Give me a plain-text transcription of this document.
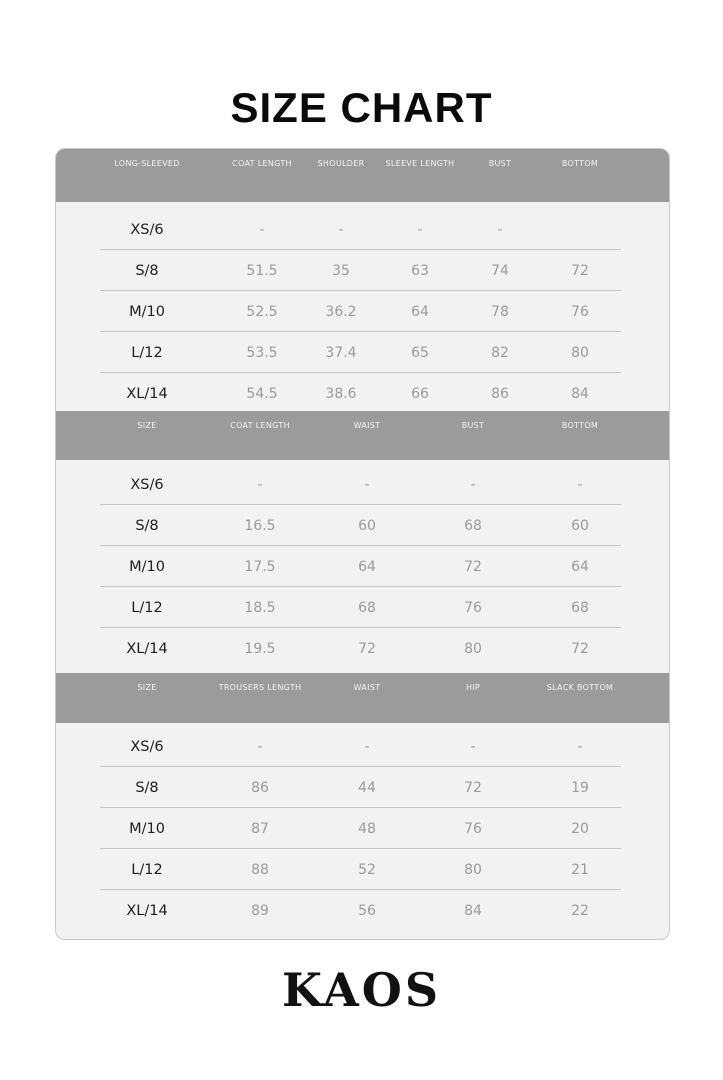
SIZE CHART
LONG-SLEEVED	COAT LENGTH	SHOULDER	SLEEVE LENGTH	BUST	BOTTOM
XS/6	-	-	-	-
S/8	51.5	35	63	74	72
M/10	52.5	36.2	64	78	76
L/12	53.5	37.4	65	82	80
XL/14	54.5	38.6	66	86	84
SIZE	COAT LENGTH	WAIST	BUST	BOTTOM
XS/6	-	-	-	-
S/8	16.5	60	68	60
M/10	17.5	64	72	64
L/12	18.5	68	76	68
XL/14	19.5	72	80	72
SIZE	TROUSERS LENGTH	WAIST	HIP	SLACK BOTTOM
XS/6	-	-	-	-
S/8	86	44	72	19
M/10	87	48	76	20
L/12	88	52	80	21
XL/14	89	56	84	22
KAOS
